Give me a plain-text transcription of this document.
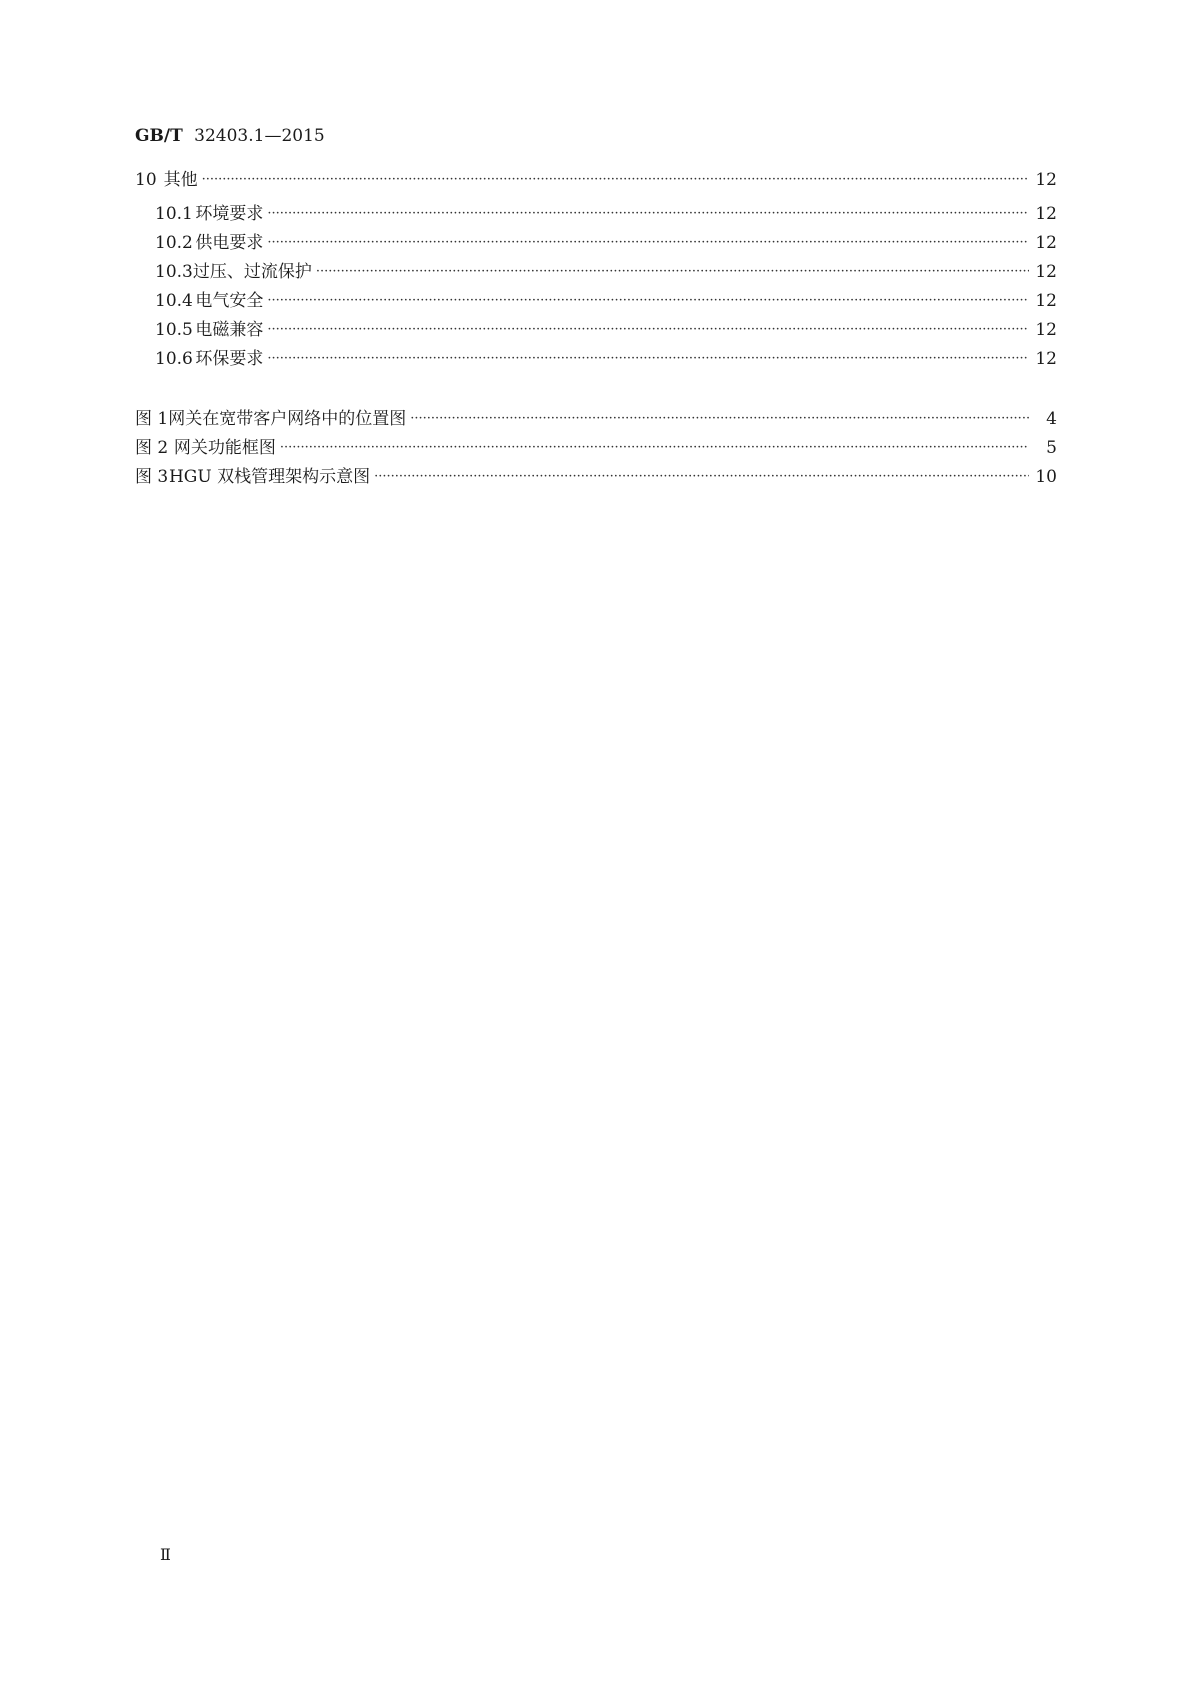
GB/T 32403.1—2015
10 其他 ·····	12
10.1 环境要求 ·····	12
10.2 供电要求 ·····	12
10.3 过压、过流保护 ·····	12
10.4 电气安全 ·····	12
10.5 电磁兼容 ·····	12
10.6 环保要求 ·····	12
图 1 网关在宽带客户网络中的位置图 ·····	4
图 2 网关功能框图 ·····	5
图 3 HGU 双栈管理架构示意图 ·····	10
Ⅱ
